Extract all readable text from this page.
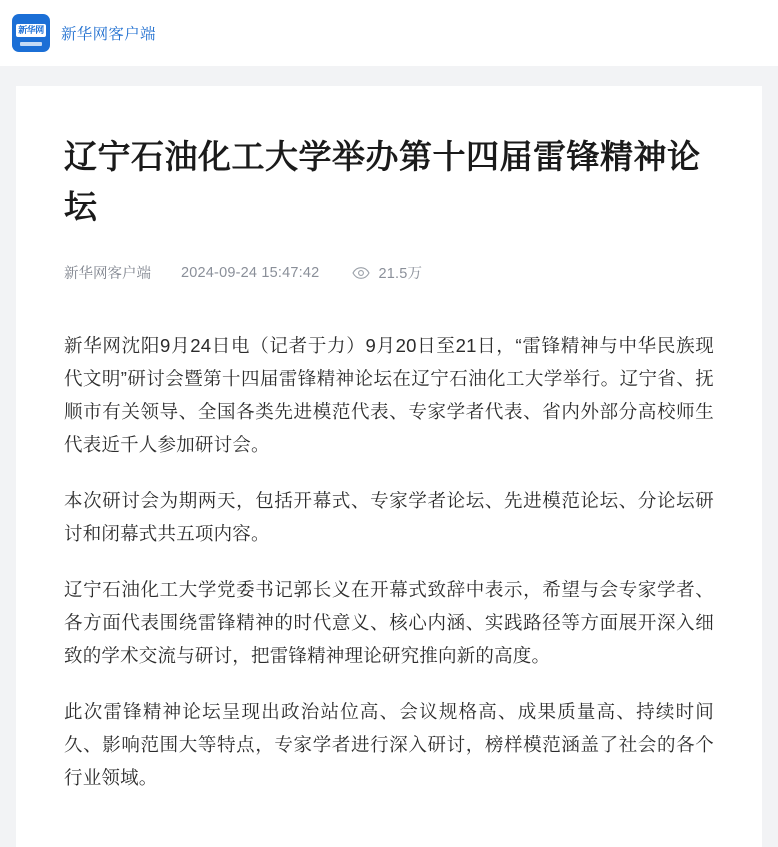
新华网 新华网客户端
辽宁石油化工大学举办第十四届雷锋精神论坛
新华网客户端 2024-09-24 15:47:42	21.5万

新华网沈阳9月24日电（记者于力）9月20日至21日，“雷锋精神与中华民族现代文明”研讨会暨第十四届雷锋精神论坛在辽宁石油化工大学举行。辽宁省、抚顺市有关领导、全国各类先进模范代表、专家学者代表、省内外部分高校师生代表近千人参加研讨会。

本次研讨会为期两天，包括开幕式、专家学者论坛、先进模范论坛、分论坛研讨和闭幕式共五项内容。

辽宁石油化工大学党委书记郭长义在开幕式致辞中表示，希望与会专家学者、各方面代表围绕雷锋精神的时代意义、核心内涵、实践路径等方面展开深入细致的学术交流与研讨，把雷锋精神理论研究推向新的高度。

此次雷锋精神论坛呈现出政治站位高、会议规格高、成果质量高、持续时间久、影响范围大等特点，专家学者进行深入研讨，榜样模范涵盖了社会的各个行业领域。
